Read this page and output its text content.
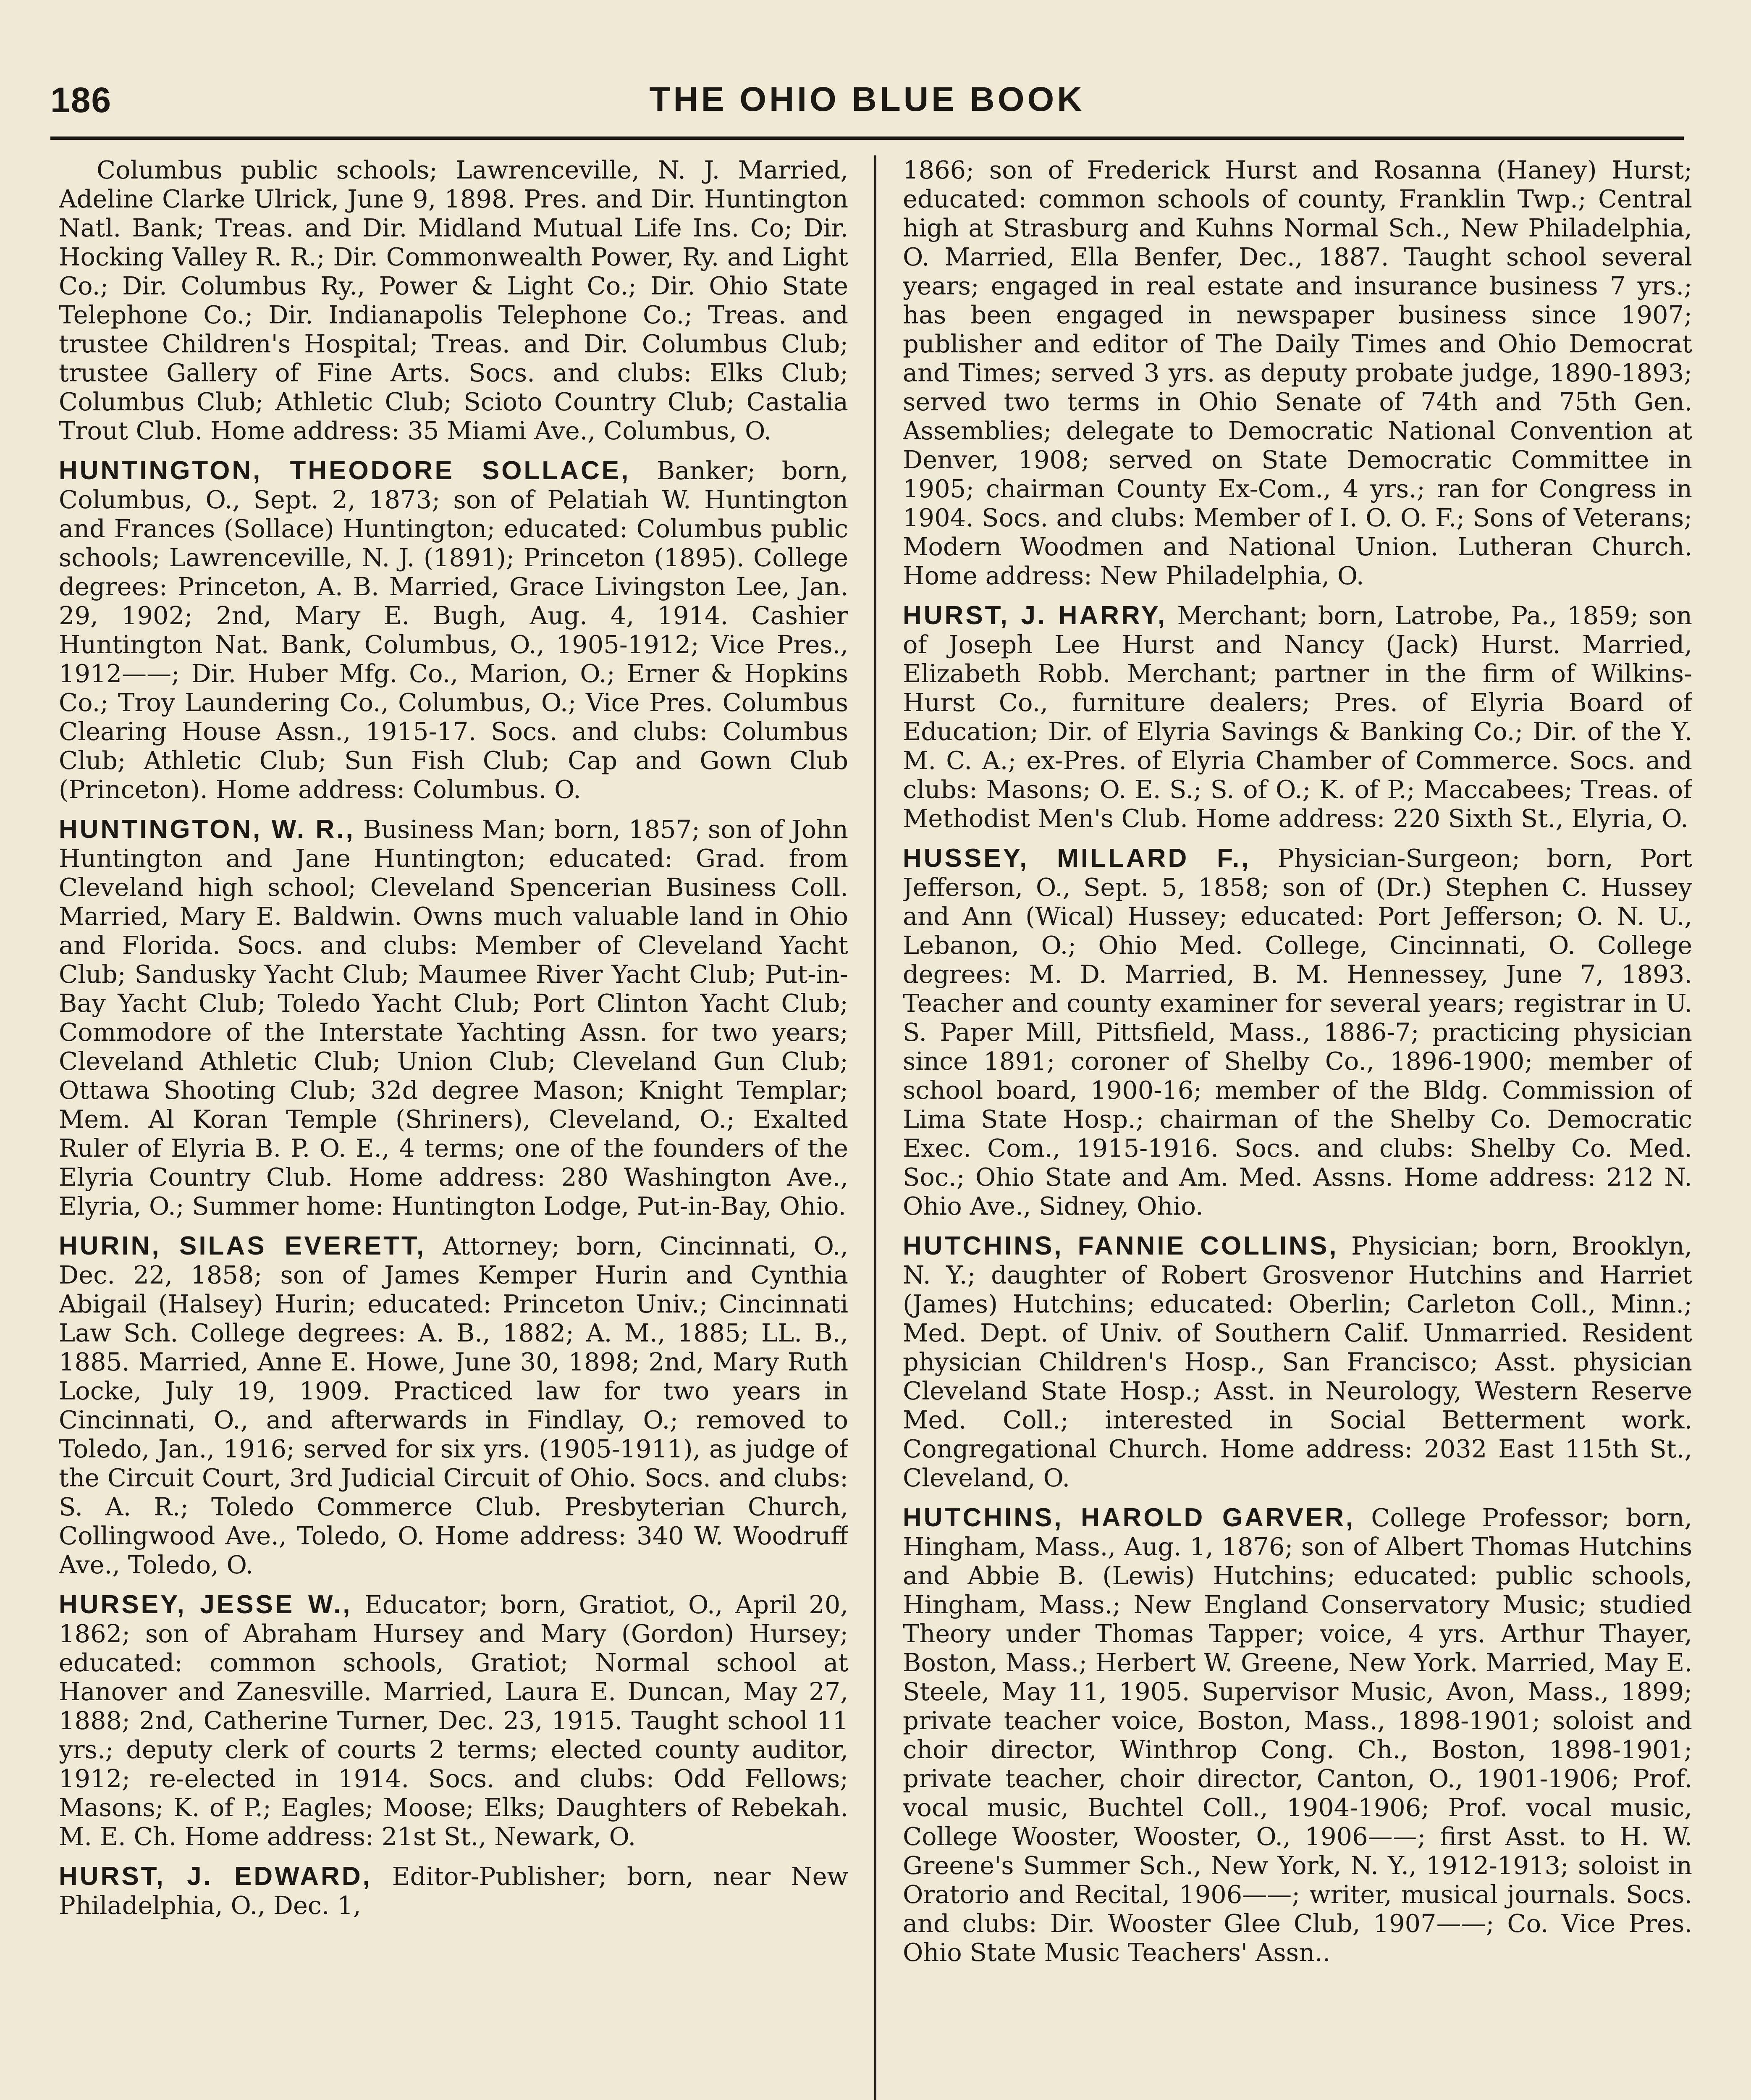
186	THE OHIO BLUE BOOK

Columbus public schools; Lawrenceville, N. J. Married, Adeline Clarke Ulrick, June 9, 1898. Pres. and Dir. Huntington Natl. Bank; Treas. and Dir. Midland Mutual Life Ins. Co; Dir. Hocking Valley R. R.; Dir. Commonwealth Power, Ry. and Light Co.; Dir. Columbus Ry., Power & Light Co.; Dir. Ohio State Telephone Co.; Dir. Indianapolis Telephone Co.; Treas. and trustee Children's Hospital; Treas. and Dir. Columbus Club; trustee Gallery of Fine Arts. Socs. and clubs: Elks Club; Columbus Club; Athletic Club; Scioto Country Club; Castalia Trout Club. Home address: 35 Miami Ave., Columbus, O.

HUNTINGTON, THEODORE SOLLACE, Banker; born, Columbus, O., Sept. 2, 1873; son of Pelatiah W. Huntington and Frances (Sollace) Huntington; educated: Columbus public schools; Lawrenceville, N. J. (1891); Princeton (1895). College degrees: Princeton, A. B. Married, Grace Livingston Lee, Jan. 29, 1902; 2nd, Mary E. Bugh, Aug. 4, 1914. Cashier Huntington Nat. Bank, Columbus, O., 1905-1912; Vice Pres., 1912——; Dir. Huber Mfg. Co., Marion, O.; Erner & Hopkins Co.; Troy Laundering Co., Columbus, O.; Vice Pres. Columbus Clearing House Assn., 1915-17. Socs. and clubs: Columbus Club; Athletic Club; Sun Fish Club; Cap and Gown Club (Princeton). Home address: Columbus. O.

HUNTINGTON, W. R., Business Man; born, 1857; son of John Huntington and Jane Huntington; educated: Grad. from Cleveland high school; Cleveland Spencerian Business Coll. Married, Mary E. Baldwin. Owns much valuable land in Ohio and Florida. Socs. and clubs: Member of Cleveland Yacht Club; Sandusky Yacht Club; Maumee River Yacht Club; Put-in-Bay Yacht Club; Toledo Yacht Club; Port Clinton Yacht Club; Commodore of the Interstate Yachting Assn. for two years; Cleveland Athletic Club; Union Club; Cleveland Gun Club; Ottawa Shooting Club; 32d degree Mason; Knight Templar; Mem. Al Koran Temple (Shriners), Cleveland, O.; Exalted Ruler of Elyria B. P. O. E., 4 terms; one of the founders of the Elyria Country Club. Home address: 280 Washington Ave., Elyria, O.; Summer home: Huntington Lodge, Put-in-Bay, Ohio.

HURIN, SILAS EVERETT, Attorney; born, Cincinnati, O., Dec. 22, 1858; son of James Kemper Hurin and Cynthia Abigail (Halsey) Hurin; educated: Princeton Univ.; Cincinnati Law Sch. College degrees: A. B., 1882; A. M., 1885; LL. B., 1885. Married, Anne E. Howe, June 30, 1898; 2nd, Mary Ruth Locke, July 19, 1909. Practiced law for two years in Cincinnati, O., and afterwards in Findlay, O.; removed to Toledo, Jan., 1916; served for six yrs. (1905-1911), as judge of the Circuit Court, 3rd Judicial Circuit of Ohio. Socs. and clubs: S. A. R.; Toledo Commerce Club. Presbyterian Church, Collingwood Ave., Toledo, O. Home address: 340 W. Woodruff Ave., Toledo, O.

HURSEY, JESSE W., Educator; born, Gratiot, O., April 20, 1862; son of Abraham Hursey and Mary (Gordon) Hursey; educated: common schools, Gratiot; Normal school at Hanover and Zanesville. Married, Laura E. Duncan, May 27, 1888; 2nd, Catherine Turner, Dec. 23, 1915. Taught school 11 yrs.; deputy clerk of courts 2 terms; elected county auditor, 1912; re-elected in 1914. Socs. and clubs: Odd Fellows; Masons; K. of P.; Eagles; Moose; Elks; Daughters of Rebekah. M. E. Ch. Home address: 21st St., Newark, O.

HURST, J. EDWARD, Editor-Publisher; born, near New Philadelphia, O., Dec. 1,

1866; son of Frederick Hurst and Rosanna (Haney) Hurst; educated: common schools of county, Franklin Twp.; Central high at Strasburg and Kuhns Normal Sch., New Philadelphia, O. Married, Ella Benfer, Dec., 1887. Taught school several years; engaged in real estate and insurance business 7 yrs.; has been engaged in newspaper business since 1907; publisher and editor of The Daily Times and Ohio Democrat and Times; served 3 yrs. as deputy probate judge, 1890-1893; served two terms in Ohio Senate of 74th and 75th Gen. Assemblies; delegate to Democratic National Convention at Denver, 1908; served on State Democratic Committee in 1905; chairman County Ex-Com., 4 yrs.; ran for Congress in 1904. Socs. and clubs: Member of I. O. O. F.; Sons of Veterans; Modern Woodmen and National Union. Lutheran Church. Home address: New Philadelphia, O.

HURST, J. HARRY, Merchant; born, Latrobe, Pa., 1859; son of Joseph Lee Hurst and Nancy (Jack) Hurst. Married, Elizabeth Robb. Merchant; partner in the firm of Wilkins-Hurst Co., furniture dealers; Pres. of Elyria Board of Education; Dir. of Elyria Savings & Banking Co.; Dir. of the Y. M. C. A.; ex-Pres. of Elyria Chamber of Commerce. Socs. and clubs: Masons; O. E. S.; S. of O.; K. of P.; Maccabees; Treas. of Methodist Men's Club. Home address: 220 Sixth St., Elyria, O.

HUSSEY, MILLARD F., Physician-Surgeon; born, Port Jefferson, O., Sept. 5, 1858; son of (Dr.) Stephen C. Hussey and Ann (Wical) Hussey; educated: Port Jefferson; O. N. U., Lebanon, O.; Ohio Med. College, Cincinnati, O. College degrees: M. D. Married, B. M. Hennessey, June 7, 1893. Teacher and county examiner for several years; registrar in U. S. Paper Mill, Pittsfield, Mass., 1886-7; practicing physician since 1891; coroner of Shelby Co., 1896-1900; member of school board, 1900-16; member of the Bldg. Commission of Lima State Hosp.; chairman of the Shelby Co. Democratic Exec. Com., 1915-1916. Socs. and clubs: Shelby Co. Med. Soc.; Ohio State and Am. Med. Assns. Home address: 212 N. Ohio Ave., Sidney, Ohio.

HUTCHINS, FANNIE COLLINS, Physician; born, Brooklyn, N. Y.; daughter of Robert Grosvenor Hutchins and Harriet (James) Hutchins; educated: Oberlin; Carleton Coll., Minn.; Med. Dept. of Univ. of Southern Calif. Unmarried. Resident physician Children's Hosp., San Francisco; Asst. physician Cleveland State Hosp.; Asst. in Neurology, Western Reserve Med. Coll.; interested in Social Betterment work. Congregational Church. Home address: 2032 East 115th St., Cleveland, O.

HUTCHINS, HAROLD GARVER, College Professor; born, Hingham, Mass., Aug. 1, 1876; son of Albert Thomas Hutchins and Abbie B. (Lewis) Hutchins; educated: public schools, Hingham, Mass.; New England Conservatory Music; studied Theory under Thomas Tapper; voice, 4 yrs. Arthur Thayer, Boston, Mass.; Herbert W. Greene, New York. Married, May E. Steele, May 11, 1905. Supervisor Music, Avon, Mass., 1899; private teacher voice, Boston, Mass., 1898-1901; soloist and choir director, Winthrop Cong. Ch., Boston, 1898-1901; private teacher, choir director, Canton, O., 1901-1906; Prof. vocal music, Buchtel Coll., 1904-1906; Prof. vocal music, College Wooster, Wooster, O., 1906——; first Asst. to H. W. Greene's Summer Sch., New York, N. Y., 1912-1913; soloist in Oratorio and Recital, 1906——; writer, musical journals. Socs. and clubs: Dir. Wooster Glee Club, 1907——; Co. Vice Pres. Ohio State Music Teachers' Assn..
